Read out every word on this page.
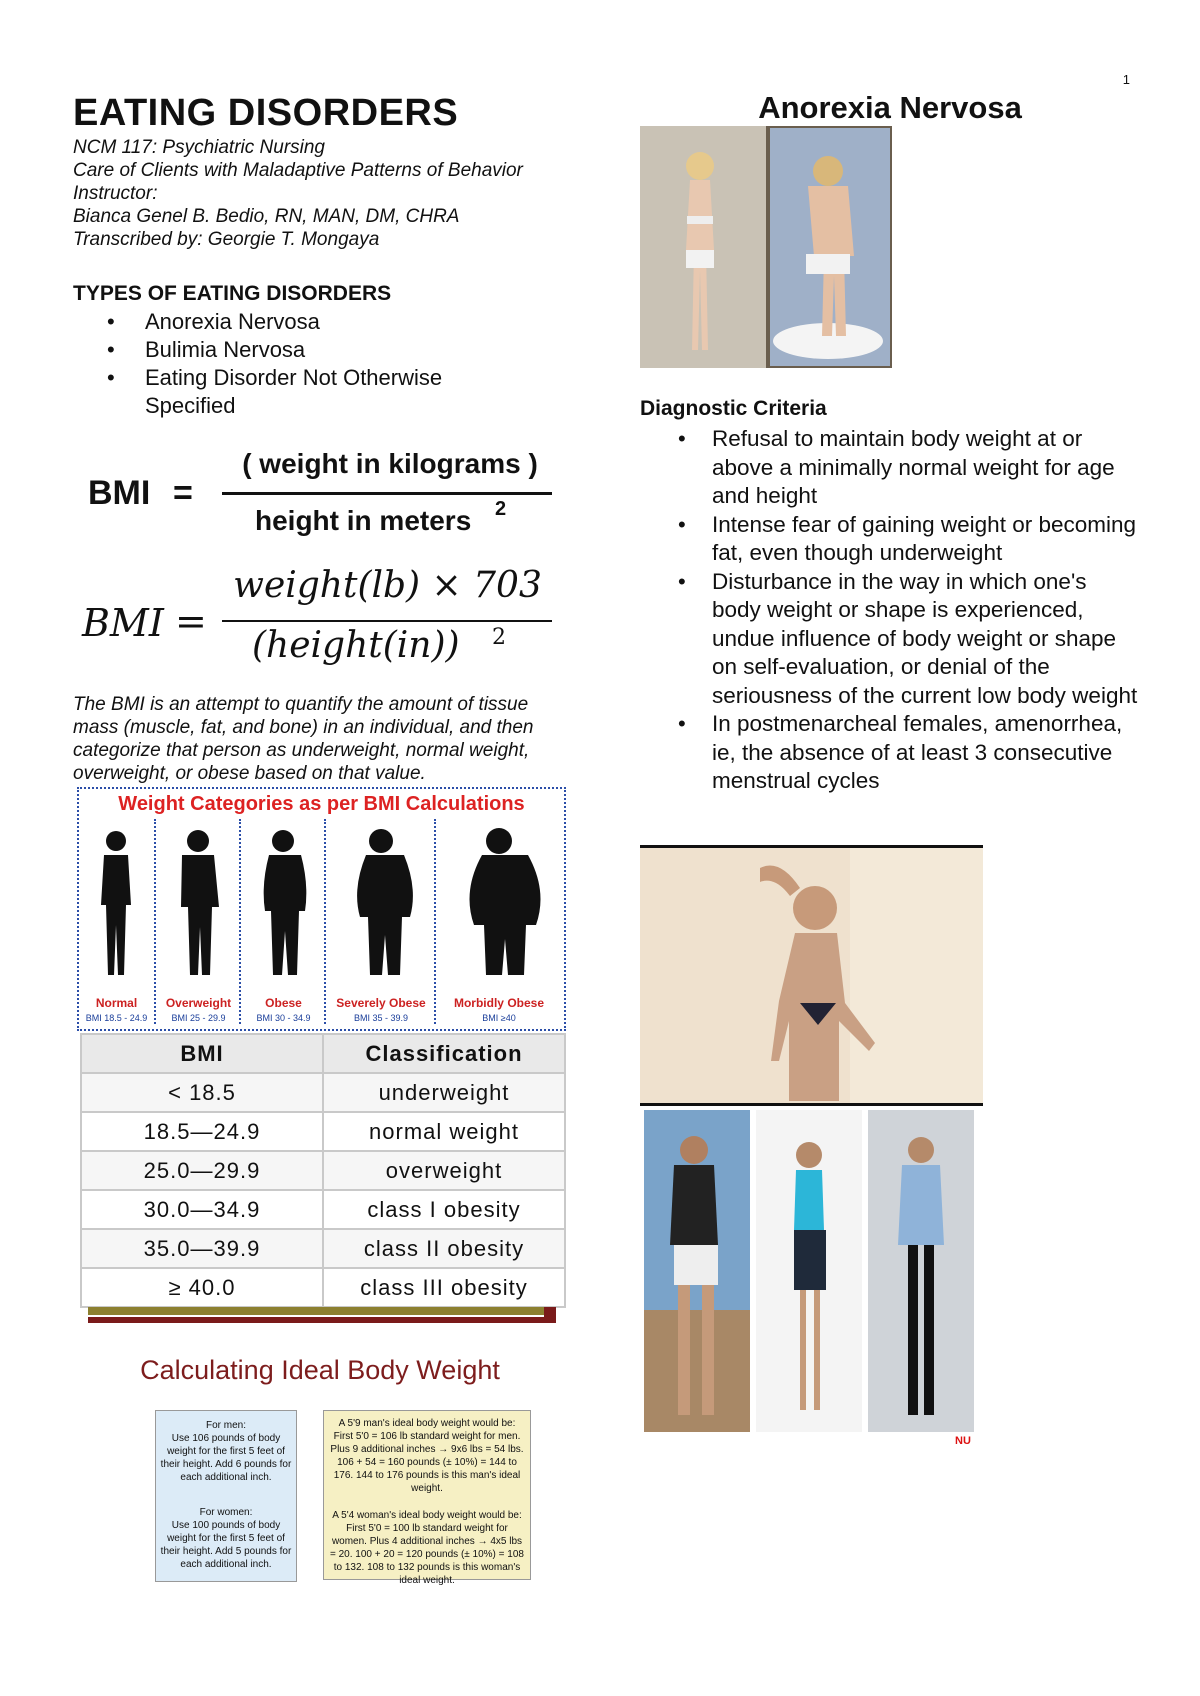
1
EATING DISORDERS
NCM 117: Psychiatric Nursing
Care of Clients with Maladaptive Patterns of Behavior
Instructor:
Bianca Genel B. Bedio, RN, MAN, DM, CHRA
Transcribed by: Georgie T. Mongaya
TYPES OF EATING DISORDERS
• Anorexia Nervosa
• Bulimia Nervosa
• Eating Disorder Not Otherwise Specified
BMI =
( weight in kilograms )
height in meters 2
BMI =
weight(lb) × 703
(height(in)) 2
The BMI is an attempt to quantify the amount of tissue mass (muscle, fat, and bone) in an individual, and then categorize that person as underweight, normal weight, overweight, or obese based on that value.
Weight Categories as per BMI Calculations
Normal
BMI 18.5 - 24.9
Overweight
BMI 25 - 29.9
Obese
BMI 30 - 34.9
Severely Obese
BMI 35 - 39.9
Morbidly Obese
BMI ≥40
BMI	Classification
< 18.5	underweight
18.5—24.9	normal weight
25.0—29.9	overweight
30.0—34.9	class I obesity
35.0—39.9	class II obesity
≥ 40.0	class III obesity
Calculating Ideal Body Weight
For men:
Use 106 pounds of body weight for the first 5 feet of their height. Add 6 pounds for each additional inch.
For women:
Use 100 pounds of body weight for the first 5 feet of their height. Add 5 pounds for each additional inch.
A 5'9 man's ideal body weight would be:
First 5'0 = 106 lb standard weight for men. Plus 9 additional inches → 9x6 lbs = 54 lbs. 106 + 54 = 160 pounds (± 10%) = 144 to 176. 144 to 176 pounds is this man's ideal weight.
A 5'4 woman's ideal body weight would be:
First 5'0 = 100 lb standard weight for women. Plus 4 additional inches → 4x5 lbs = 20. 100 + 20 = 120 pounds (± 10%) = 108 to 132. 108 to 132 pounds is this woman's ideal weight.
Anorexia Nervosa
Diagnostic Criteria
• Refusal to maintain body weight at or above a minimally normal weight for age and height
• Intense fear of gaining weight or becoming fat, even though underweight
• Disturbance in the way in which one's body weight or shape is experienced, undue influence of body weight or shape on self-evaluation, or denial of the seriousness of the current low body weight
• In postmenarcheal females, amenorrhea, ie, the absence of at least 3 consecutive menstrual cycles
NU
